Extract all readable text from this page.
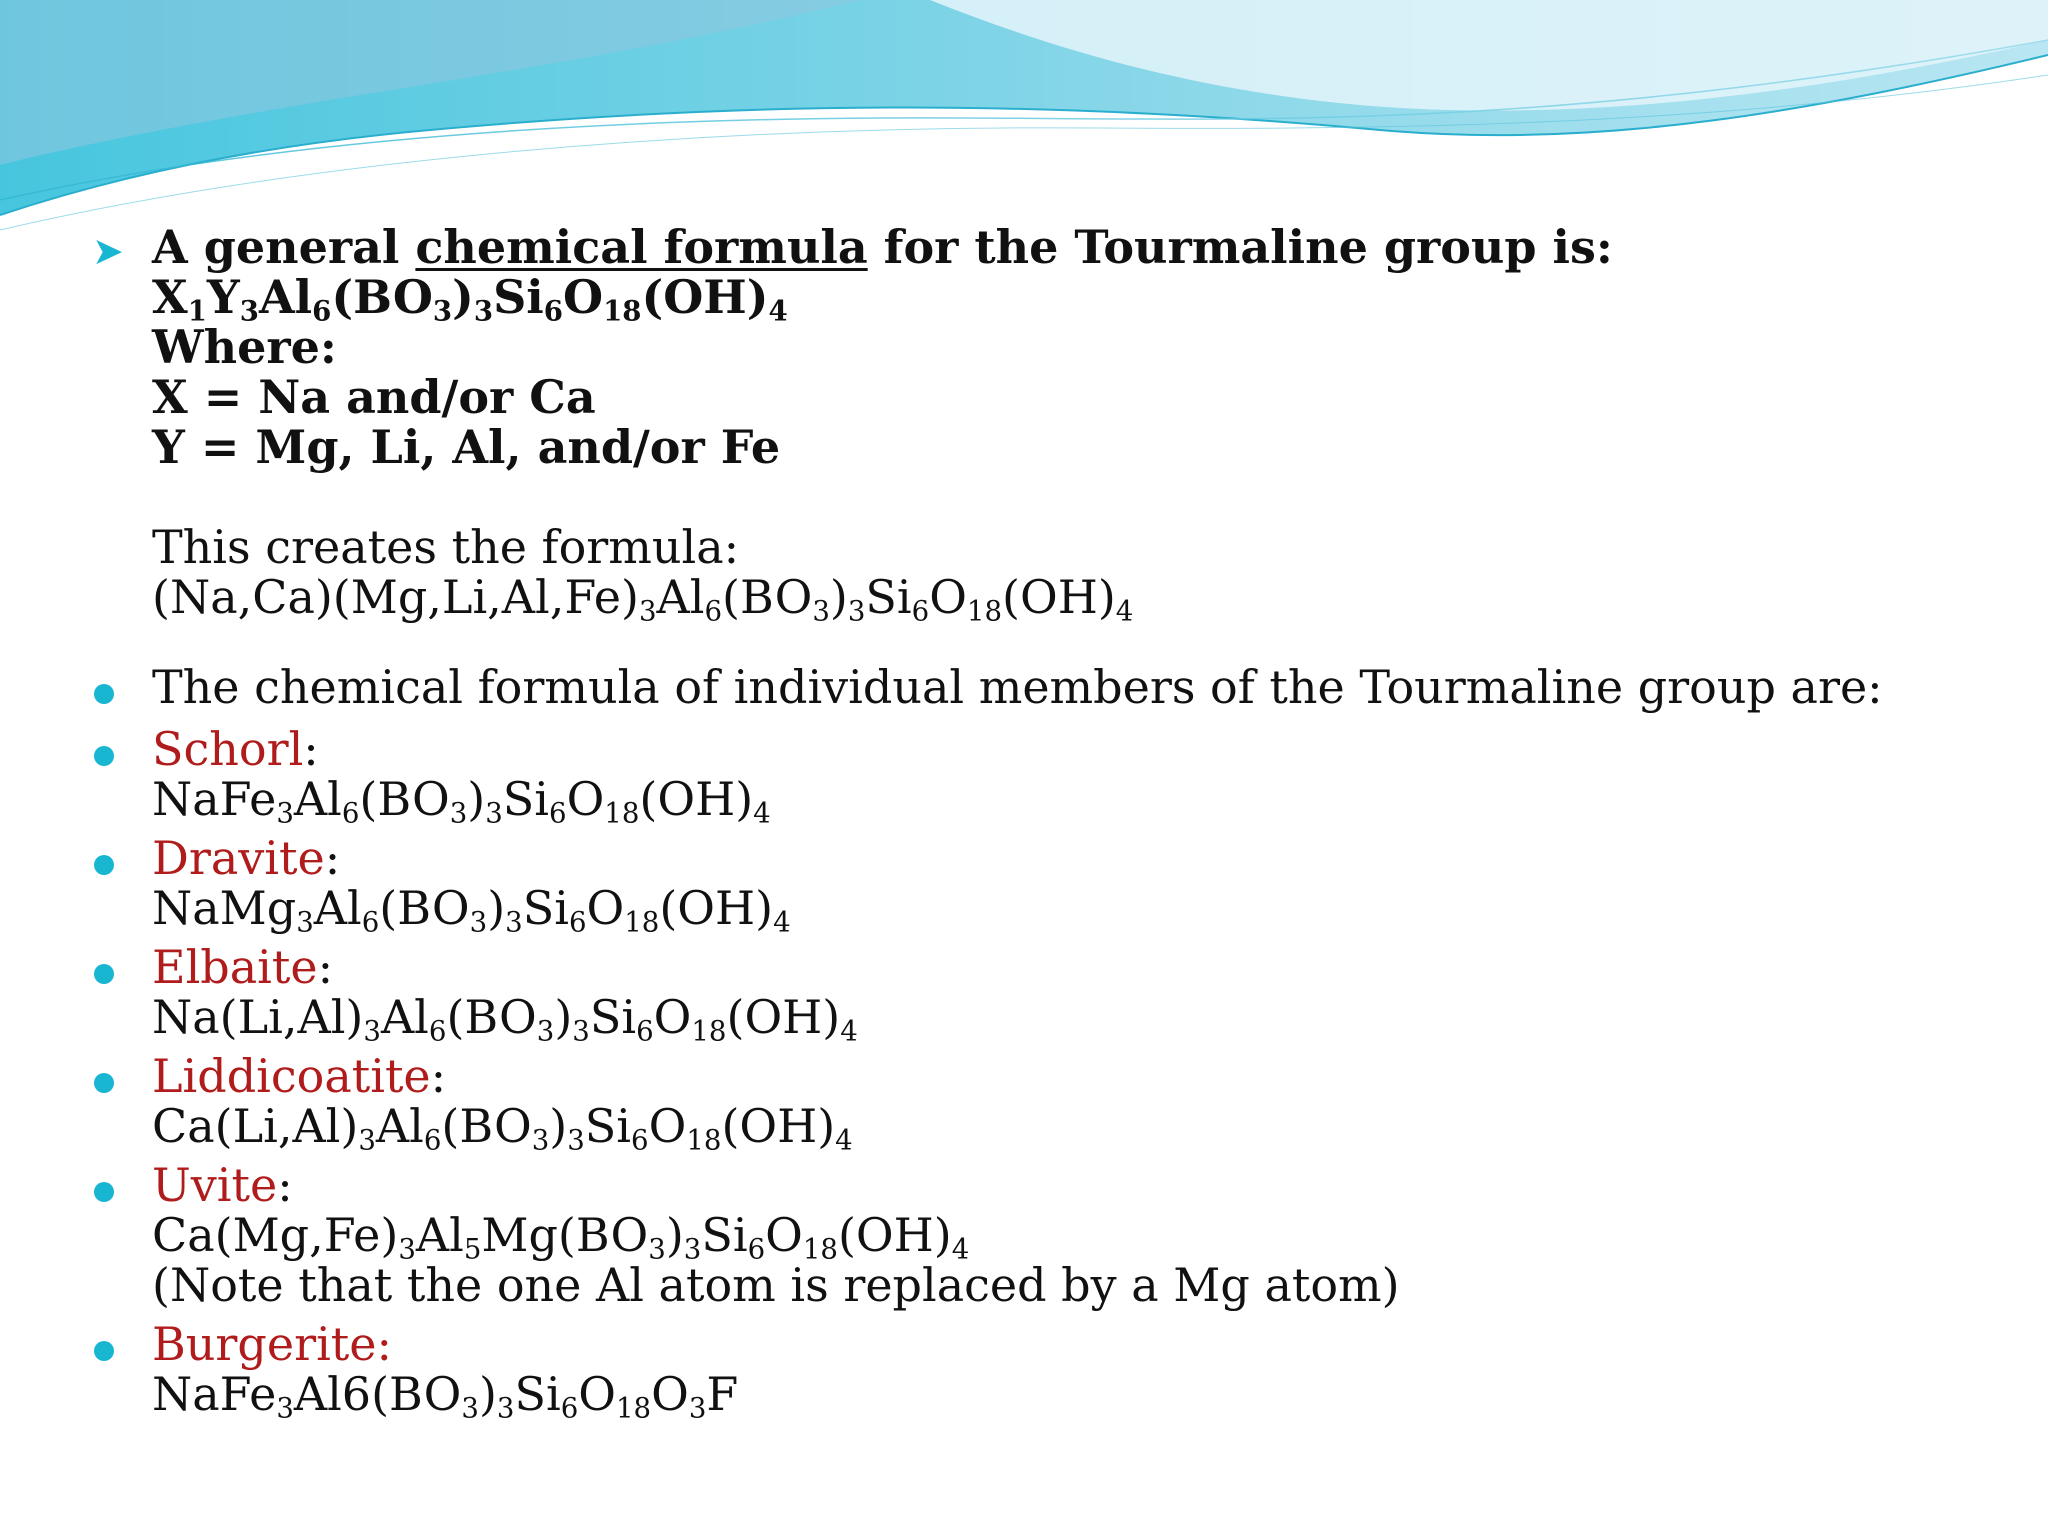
➤ A general chemical formula for the Tourmaline group is:
$X_1Y_3Al_6(BO_3)_3Si_6O_{18}(OH)_4$
Where:
X = Na and/or Ca
Y = Mg, Li, Al, and/or Fe
This creates the formula:
$(Na,Ca)(Mg,Li,Al,Fe)_3Al_6(BO_3)_3Si_6O_{18}(OH)_4$
The chemical formula of individual members of the Tourmaline group are:
Schorl:
$NaFe_3Al_6(BO_3)_3Si_6O_{18}(OH)_4$
Dravite:
$NaMg_3Al_6(BO_3)_3Si_6O_{18}(OH)_4$
Elbaite:
$Na(Li,Al)_3Al_6(BO_3)_3Si_6O_{18}(OH)_4$
Liddicoatite:
$Ca(Li,Al)_3Al_6(BO_3)_3Si_6O_{18}(OH)_4$
Uvite:
$Ca(Mg,Fe)_3Al_5Mg(BO_3)_3Si_6O_{18}(OH)_4$
(Note that the one Al atom is replaced by a Mg atom)
Burgerite:
$NaFe_3Al6(BO_3)_3Si_6O_{18}O_3F$
